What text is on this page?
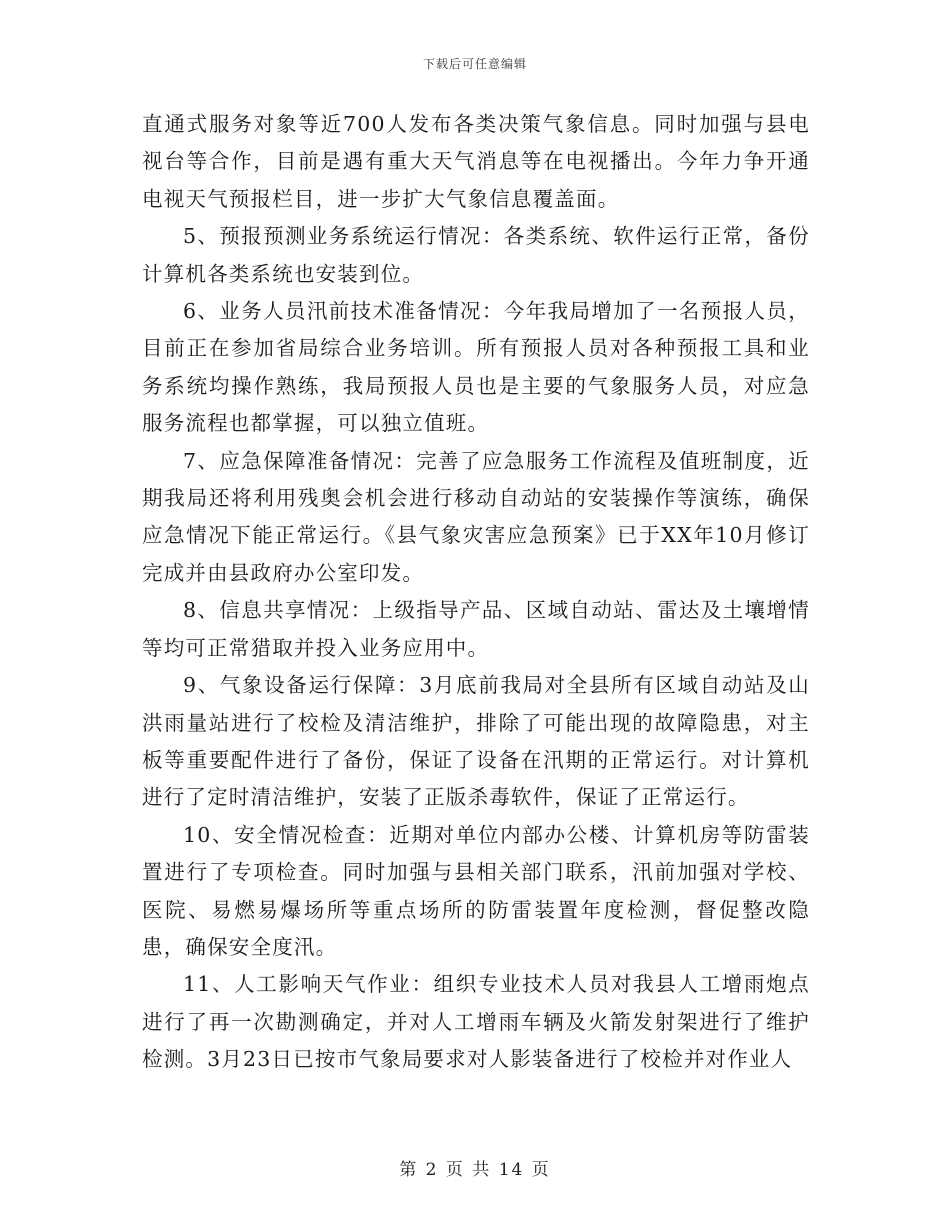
下载后可任意编辑

直通式服务对象等近700人发布各类决策气象信息。同时加强与县电视台等合作，目前是遇有重大天气消息等在电视播出。今年力争开通电视天气预报栏目，进一步扩大气象信息覆盖面。

5、预报预测业务系统运行情况：各类系统、软件运行正常，备份计算机各类系统也安装到位。

6、业务人员汛前技术准备情况：今年我局增加了一名预报人员，目前正在参加省局综合业务培训。所有预报人员对各种预报工具和业务系统均操作熟练，我局预报人员也是主要的气象服务人员，对应急服务流程也都掌握，可以独立值班。

7、应急保障准备情况：完善了应急服务工作流程及值班制度，近期我局还将利用残奥会机会进行移动自动站的安装操作等演练，确保应急情况下能正常运行。《县气象灾害应急预案》已于XX年10月修订完成并由县政府办公室印发。

8、信息共享情况：上级指导产品、区域自动站、雷达及土壤增情等均可正常猎取并投入业务应用中。

9、气象设备运行保障：3月底前我局对全县所有区域自动站及山洪雨量站进行了校检及清洁维护，排除了可能出现的故障隐患，对主板等重要配件进行了备份，保证了设备在汛期的正常运行。对计算机进行了定时清洁维护，安装了正版杀毒软件，保证了正常运行。

10、安全情况检查：近期对单位内部办公楼、计算机房等防雷装置进行了专项检查。同时加强与县相关部门联系，汛前加强对学校、医院、易燃易爆场所等重点场所的防雷装置年度检测，督促整改隐患，确保安全度汛。

11、人工影响天气作业：组织专业技术人员对我县人工增雨炮点进行了再一次勘测确定，并对人工增雨车辆及火箭发射架进行了维护检测。3月23日已按市气象局要求对人影装备进行了校检并对作业人

第 2 页 共 14 页
